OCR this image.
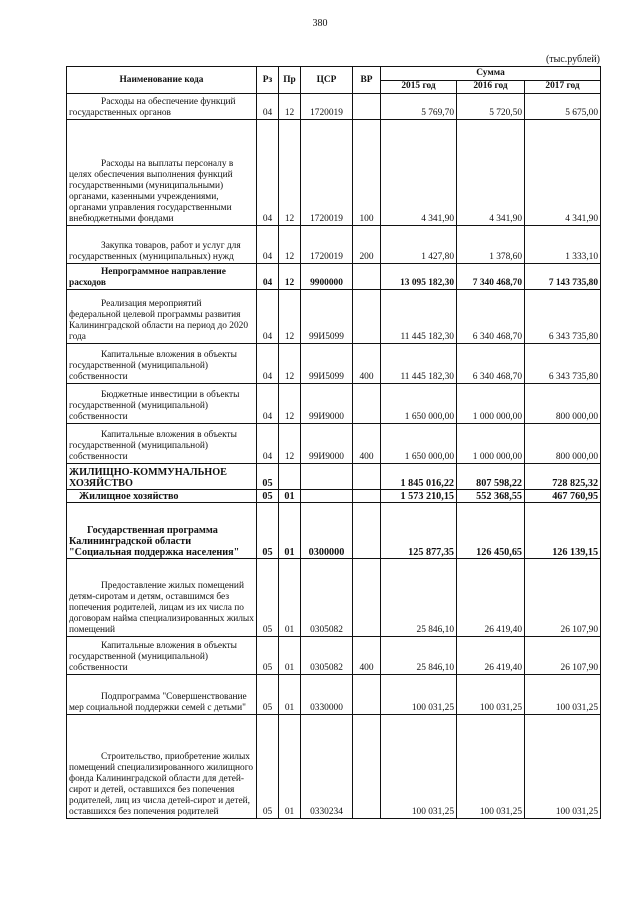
380
(тыс.рублей)
Наименование кода	Рз	Пр	ЦСР	ВР	Сумма		
					2015 год	2016 год	2017 год
Расходы на обеспечение функций государственных органов	04	12	1720019		5 769,70	5 720,50	5 675,00
Расходы на выплаты персоналу в целях обеспечения выполнения функций государственными (муниципальными) органами, казенными учреждениями, органами управления государственными внебюджетными фондами	04	12	1720019	100	4 341,90	4 341,90	4 341,90
Закупка товаров, работ и услуг для государственных (муниципальных) нужд	04	12	1720019	200	1 427,80	1 378,60	1 333,10
Непрограммное направление расходов	04	12	9900000		13 095 182,30	7 340 468,70	7 143 735,80
Реализация мероприятий федеральной целевой программы развития Калининградской области на период до 2020 года	04	12	99И5099		11 445 182,30	6 340 468,70	6 343 735,80
Капитальные вложения в объекты государственной (муниципальной) собственности	04	12	99И5099	400	11 445 182,30	6 340 468,70	6 343 735,80
Бюджетные инвестиции в объекты государственной (муниципальной) собственности	04	12	99И9000		1 650 000,00	1 000 000,00	800 000,00
Капитальные вложения в объекты государственной (муниципальной) собственности	04	12	99И9000	400	1 650 000,00	1 000 000,00	800 000,00
ЖИЛИЩНО-КОММУНАЛЬНОЕ ХОЗЯЙСТВО	05				1 845 016,22	807 598,22	728 825,32
Жилищное хозяйство	05	01			1 573 210,15	552 368,55	467 760,95
Государственная программа Калининградской области "Социальная поддержка населения"	05	01	0300000		125 877,35	126 450,65	126 139,15
Предоставление жилых помещений детям-сиротам и детям, оставшимся без попечения родителей, лицам из их числа по договорам найма специализированных жилых помещений	05	01	0305082		25 846,10	26 419,40	26 107,90
Капитальные вложения в объекты государственной (муниципальной) собственности	05	01	0305082	400	25 846,10	26 419,40	26 107,90
Подпрограмма "Совершенствование мер социальной поддержки семей с детьми"	05	01	0330000		100 031,25	100 031,25	100 031,25
Строительство, приобретение жилых помещений специализированного жилищного фонда Калининградской области для детей-сирот и детей, оставшихся без попечения родителей, лиц из числа детей-сирот и детей, оставшихся без попечения родителей	05	01	0330234		100 031,25	100 031,25	100 031,25
